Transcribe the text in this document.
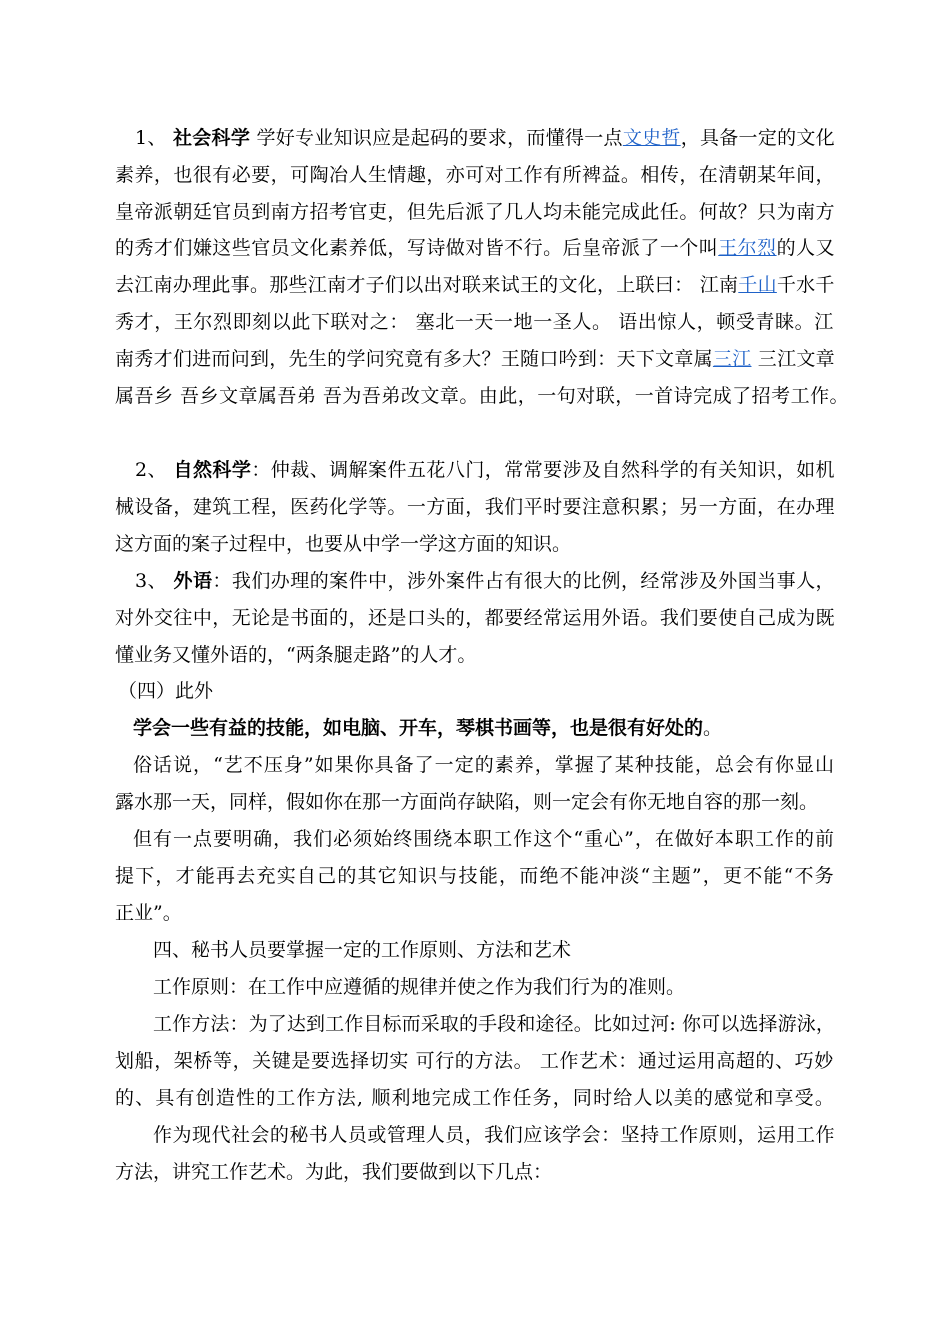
1、 社会科学 学好专业知识应是起码的要求，而懂得一点文史哲，具备一定的文化
素养，也很有必要，可陶冶人生情趣，亦可对工作有所裨益。相传，在清朝某年间，
皇帝派朝廷官员到南方招考官吏，但先后派了几人均未能完成此任。何故？只为南方
的秀才们嫌这些官员文化素养低，写诗做对皆不行。后皇帝派了一个叫王尔烈的人又
去江南办理此事。那些江南才子们以出对联来试王的文化，上联曰： 江南千山千水千
秀才，王尔烈即刻以此下联对之： 塞北一天一地一圣人。 语出惊人，顿受青睐。江
南秀才们进而问到，先生的学问究竟有多大？王随口吟到：天下文章属三江 三江文章
属吾乡 吾乡文章属吾弟 吾为吾弟改文章。由此，一句对联，一首诗完成了招考工作。
2、 自然科学：仲裁、调解案件五花八门，常常要涉及自然科学的有关知识，如机
械设备，建筑工程，医药化学等。一方面，我们平时要注意积累；另一方面，在办理
这方面的案子过程中，也要从中学一学这方面的知识。
3、 外语：我们办理的案件中，涉外案件占有很大的比例，经常涉及外国当事人，
对外交往中，无论是书面的，还是口头的，都要经常运用外语。我们要使自己成为既
懂业务又懂外语的，“两条腿走路”的人才。
（四）此外
学会一些有益的技能，如电脑、开车，琴棋书画等，也是很有好处的。
俗话说，“艺不压身”如果你具备了一定的素养，掌握了某种技能，总会有你显山
露水那一天，同样，假如你在那一方面尚存缺陷，则一定会有你无地自容的那一刻。
但有一点要明确，我们必须始终围绕本职工作这个“重心”，在做好本职工作的前
提下，才能再去充实自己的其它知识与技能，而绝不能冲淡“主题”，更不能“不务
正业”。
四、秘书人员要掌握一定的工作原则、方法和艺术
工作原则：在工作中应遵循的规律并使之作为我们行为的准则。
工作方法：为了达到工作目标而采取的手段和途径。比如过河: 你可以选择游泳，
划船，架桥等，关键是要选择切实 可行的方法。 工作艺术：通过运用高超的、巧妙
的、具有创造性的工作方法, 顺利地完成工作任务，同时给人以美的感觉和享受。
作为现代社会的秘书人员或管理人员，我们应该学会：坚持工作原则，运用工作
方法，讲究工作艺术。为此，我们要做到以下几点：
